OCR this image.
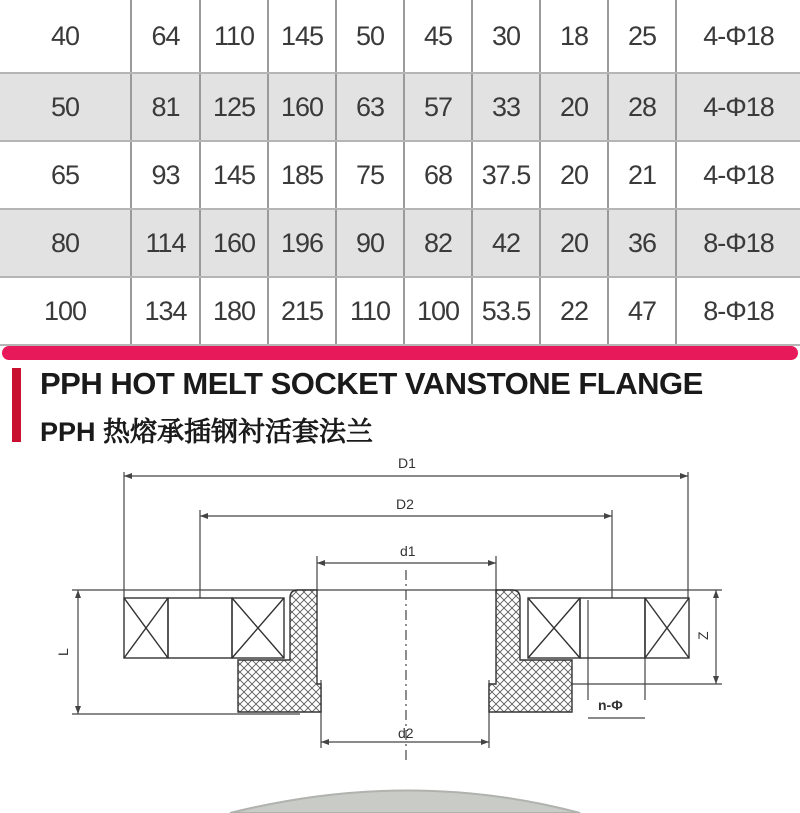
40	64	110	145	50	45	30	18	25	4-Φ18
50	81	125	160	63	57	33	20	28	4-Φ18
65	93	145	185	75	68	37.5	20	21	4-Φ18
80	114	160	196	90	82	42	20	36	8-Φ18
100	134	180	215	110	100	53.5	22	47	8-Φ18
PPH HOT MELT SOCKET VANSTONE FLANGE
PPH 热熔承插钢衬活套法兰
D1
D2
d1
d2
L
Z
n-Φ
